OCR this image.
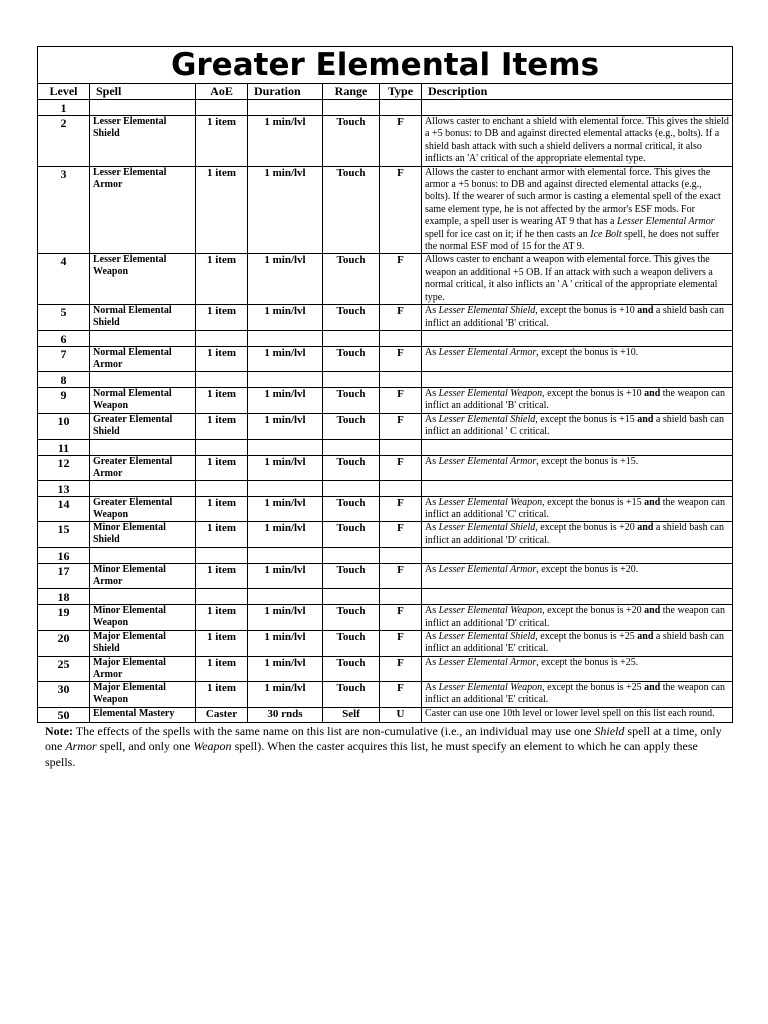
Greater Elemental Items						
Level	Spell	AoE	Duration	Range	Type	Description
1						
2	Lesser Elemental Shield	1 item	1 min/lvl	Touch	F	Allows caster to enchant a shield with elemental force. This gives the shield a +5 bonus: to DB and against directed elemental attacks (e.g., bolts). If a shield bash attack with such a shield delivers a normal critical, it also inflicts an 'A' critical of the appropriate elemental type.
3	Lesser Elemental Armor	1 item	1 min/lvl	Touch	F	Allows the caster to enchant armor with elemental force. This gives the armor a +5 bonus: to DB and against directed elemental attacks (e.g., bolts). If the wearer of such armor is casting a elemental spell of the exact same element type, he is not affected by the armor's ESF mods. For example, a spell user is wearing AT 9 that has a Lesser Elemental Armor spell for ice cast on it; if he then casts an Ice Bolt spell, he does not suffer the normal ESF mod of 15 for the AT 9.
4	Lesser Elemental Weapon	1 item	1 min/lvl	Touch	F	Allows caster to enchant a weapon with elemental force. This gives the weapon an additional +5 OB. If an attack with such a weapon delivers a normal critical, it also inflicts an ' A ' critical of the appropriate elemental type.
5	Normal Elemental Shield	1 item	1 min/lvl	Touch	F	As Lesser Elemental Shield, except the bonus is +10 and a shield bash can inflict an additional 'B' critical.
6						
7	Normal Elemental Armor	1 item	1 min/lvl	Touch	F	As Lesser Elemental Armor, except the bonus is +10.
8						
9	Normal Elemental Weapon	1 item	1 min/lvl	Touch	F	As Lesser Elemental Weapon, except the bonus is +10 and the weapon can inflict an additional 'B' critical.
10	Greater Elemental Shield	1 item	1 min/lvl	Touch	F	As Lesser Elemental Shield, except the bonus is +15 and a shield bash can inflict an additional ' C critical.
11						
12	Greater Elemental Armor	1 item	1 min/lvl	Touch	F	As Lesser Elemental Armor, except the bonus is +15.
13						
14	Greater Elemental Weapon	1 item	1 min/lvl	Touch	F	As Lesser Elemental Weapon, except the bonus is +15 and the weapon can inflict an additional 'C' critical.
15	Minor Elemental Shield	1 item	1 min/lvl	Touch	F	As Lesser Elemental Shield, except the bonus is +20 and a shield bash can inflict an additional 'D' critical.
16						
17	Minor Elemental Armor	1 item	1 min/lvl	Touch	F	As Lesser Elemental Armor, except the bonus is +20.
18						
19	Minor Elemental Weapon	1 item	1 min/lvl	Touch	F	As Lesser Elemental Weapon, except the bonus is +20 and the weapon can inflict an additional 'D' critical.
20	Major Elemental Shield	1 item	1 min/lvl	Touch	F	As Lesser Elemental Shield, except the bonus is +25 and a shield bash can inflict an additional 'E' critical.
25	Major Elemental Armor	1 item	1 min/lvl	Touch	F	As Lesser Elemental Armor, except the bonus is +25.
30	Major Elemental Weapon	1 item	1 min/lvl	Touch	F	As Lesser Elemental Weapon, except the bonus is +25 and the weapon can inflict an additional 'E' critical.
50	Elemental Mastery	Caster	30 rnds	Self	U	Caster can use one 10th level or lower level spell on this list each round.
Note: The effects of the spells with the same name on this list are non-cumulative (i.e., an individual may use one Shield spell at a time, only one Armor spell, and only one Weapon spell). When the caster acquires this list, he must specify an element to which he can apply these spells.
